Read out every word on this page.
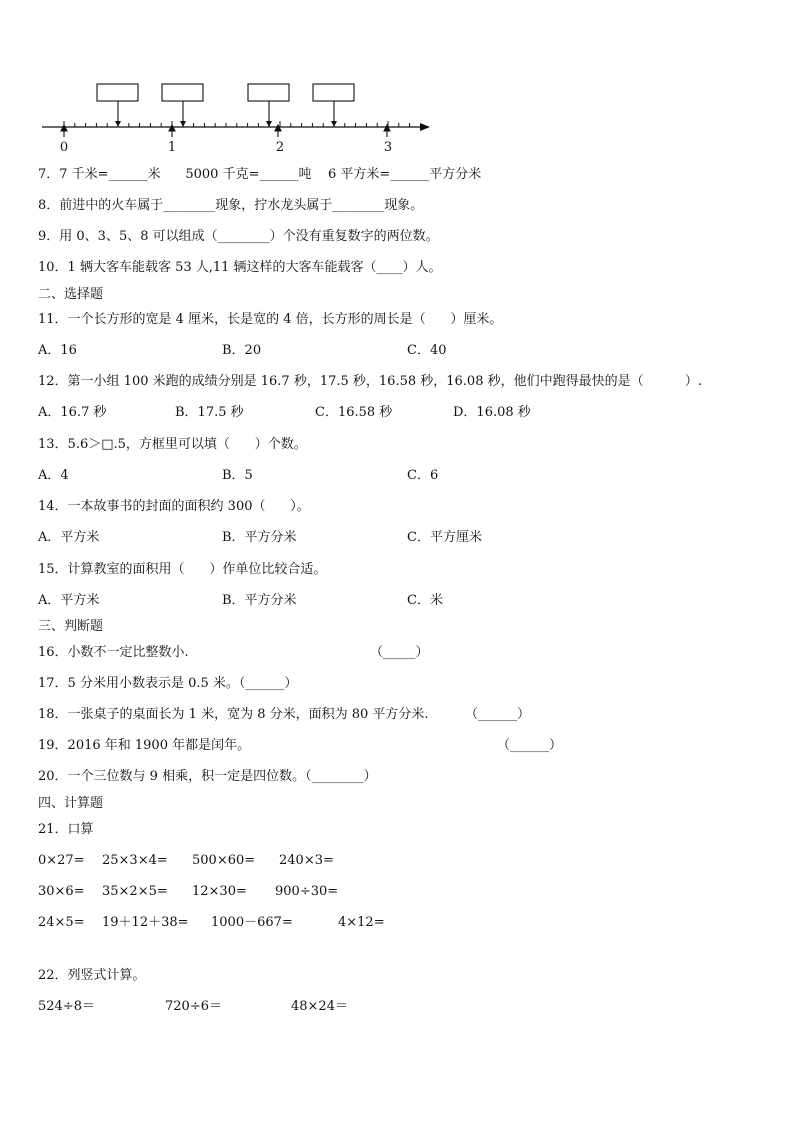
0	1	2	3
7．7 千米=______米      5000 千克=______吨    6 平方米=______平方分米
8．前进中的火车属于________现象，拧水龙头属于________现象。
9．用 0、3、5、8 可以组成（________）个没有重复数字的两位数。
10．1 辆大客车能载客 53 人,11 辆这样的大客车能载客（____）人。
二、选择题
11．一个长方形的宽是 4 厘米，长是宽的 4 倍，长方形的周长是（      ）厘米。
A．16	B．20	C．40
12．第一小组 100 米跑的成绩分别是 16.7 秒，17.5 秒，16.58 秒，16.08 秒，他们中跑得最快的是（          ）.
A．16.7 秒	B．17.5 秒	C．16.58 秒	D．16.08 秒
13．5.6＞□.5，方框里可以填（      ）个数。
A．4	B．5	C．6
14．一本故事书的封面的面积约 300（      ）。
A．平方米	B．平方分米	C．平方厘米
15．计算教室的面积用（      ）作单位比较合适。
A．平方米	B．平方分米	C．米
三、判断题
16．小数不一定比整数小.	（_____）
17．5 分米用小数表示是 0.5 米。（______）
18．一张桌子的桌面长为 1 米，宽为 8 分米，面积为 80 平方分米.	（______）
19．2016 年和 1900 年都是闰年。	（______）
20．一个三位数与 9 相乘，积一定是四位数。（________）
四、计算题
21．口算
0×27= 25×3×4= 500×60= 240×3=
30×6= 35×2×5= 12×30= 900÷30=
24×5= 19＋12＋38= 1000－667=	4×12=
22．列竖式计算。
524÷8＝	720÷6＝	48×24＝
